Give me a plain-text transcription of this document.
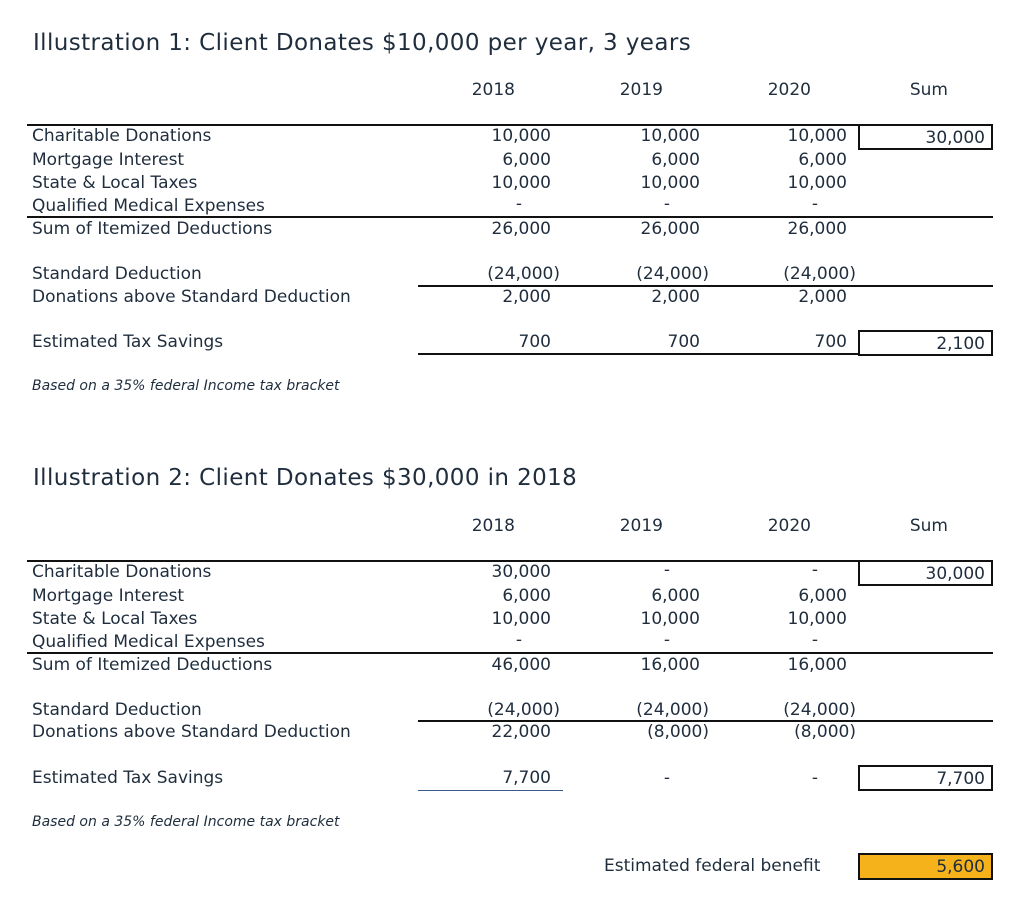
Illustration 1: Client Donates $10,000 per year, 3 years
2018	2019	2020	Sum
Charitable Donations	10,000	10,000	10,000	30,000
Mortgage Interest	6,000	6,000	6,000
State & Local Taxes	10,000	10,000	10,000
Qualified Medical Expenses	-	-	-
Sum of Itemized Deductions	26,000	26,000	26,000
Standard Deduction	(24,000)	(24,000)	(24,000)
Donations above Standard Deduction	2,000	2,000	2,000
Estimated Tax Savings	700	700	700	2,100
Based on a 35% federal Income tax bracket
Illustration 2: Client Donates $30,000 in 2018
2018	2019	2020	Sum
Charitable Donations	30,000	-	-	30,000
Mortgage Interest	6,000	6,000	6,000
State & Local Taxes	10,000	10,000	10,000
Qualified Medical Expenses	-	-	-
Sum of Itemized Deductions	46,000	16,000	16,000
Standard Deduction	(24,000)	(24,000)	(24,000)
Donations above Standard Deduction	22,000	(8,000)	(8,000)
Estimated Tax Savings	7,700	-	-	7,700
Based on a 35% federal Income tax bracket
Estimated federal benefit	5,600
